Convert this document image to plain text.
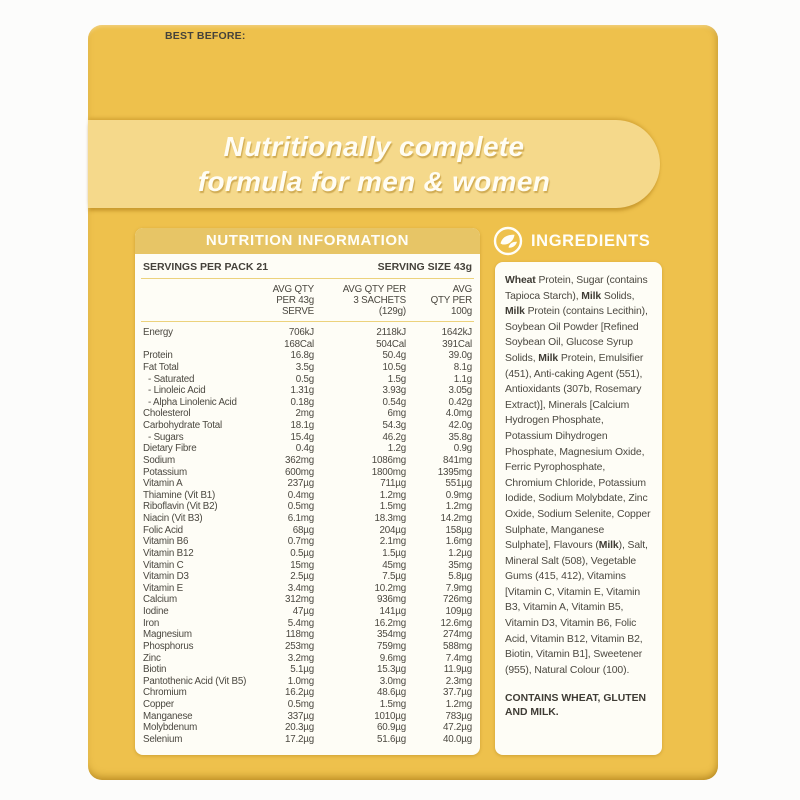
BEST BEFORE:
Nutritionally complete
formula for men & women
NUTRITION INFORMATION
SERVINGS PER PACK 21	SERVING SIZE 43g
AVG QTY
PER 43g
SERVE
AVG QTY PER
3 SACHETS
(129g)
AVG
QTY PER
100g
Energy	706kJ	2118kJ	1642kJ
168Cal	504Cal	391Cal
Protein	16.8g	50.4g	39.0g
Fat Total	3.5g	10.5g	8.1g
- Saturated	0.5g	1.5g	1.1g
- Linoleic Acid	1.31g	3.93g	3.05g
- Alpha Linolenic Acid	0.18g	0.54g	0.42g
Cholesterol	2mg	6mg	4.0mg
Carbohydrate Total	18.1g	54.3g	42.0g
- Sugars	15.4g	46.2g	35.8g
Dietary Fibre	0.4g	1.2g	0.9g
Sodium	362mg	1086mg	841mg
Potassium	600mg	1800mg	1395mg
Vitamin A	237µg	711µg	551µg
Thiamine (Vit B1)	0.4mg	1.2mg	0.9mg
Riboflavin (Vit B2)	0.5mg	1.5mg	1.2mg
Niacin (Vit B3)	6.1mg	18.3mg	14.2mg
Folic Acid	68µg	204µg	158µg
Vitamin B6	0.7mg	2.1mg	1.6mg
Vitamin B12	0.5µg	1.5µg	1.2µg
Vitamin C	15mg	45mg	35mg
Vitamin D3	2.5µg	7.5µg	5.8µg
Vitamin E	3.4mg	10.2mg	7.9mg
Calcium	312mg	936mg	726mg
Iodine	47µg	141µg	109µg
Iron	5.4mg	16.2mg	12.6mg
Magnesium	118mg	354mg	274mg
Phosphorus	253mg	759mg	588mg
Zinc	3.2mg	9.6mg	7.4mg
Biotin	5.1µg	15.3µg	11.9µg
Pantothenic Acid (Vit B5)	1.0mg	3.0mg	2.3mg
Chromium	16.2µg	48.6µg	37.7µg
Copper	0.5mg	1.5mg	1.2mg
Manganese	337µg	1010µg	783µg
Molybdenum	20.3µg	60.9µg	47.2µg
Selenium	17.2µg	51.6µg	40.0µg
INGREDIENTS
Wheat Protein, Sugar (contains Tapioca Starch), Milk Solids, Milk Protein (contains Lecithin), Soybean Oil Powder [Refined Soybean Oil, Glucose Syrup Solids, Milk Protein, Emulsifier (451), Anti-caking Agent (551), Antioxidants (307b, Rosemary Extract)], Minerals [Calcium Hydrogen Phosphate, Potassium Dihydrogen Phosphate, Magnesium Oxide, Ferric Pyrophosphate, Chromium Chloride, Potassium Iodide, Sodium Molybdate, Zinc Oxide, Sodium Selenite, Copper Sulphate, Manganese Sulphate], Flavours (Milk), Salt, Mineral Salt (508), Vegetable Gums (415, 412), Vitamins [Vitamin C, Vitamin E, Vitamin B3, Vitamin A, Vitamin B5, Vitamin D3, Vitamin B6, Folic Acid, Vitamin B12, Vitamin B2, Biotin, Vitamin B1], Sweetener (955), Natural Colour (100).
CONTAINS WHEAT, GLUTEN AND MILK.
